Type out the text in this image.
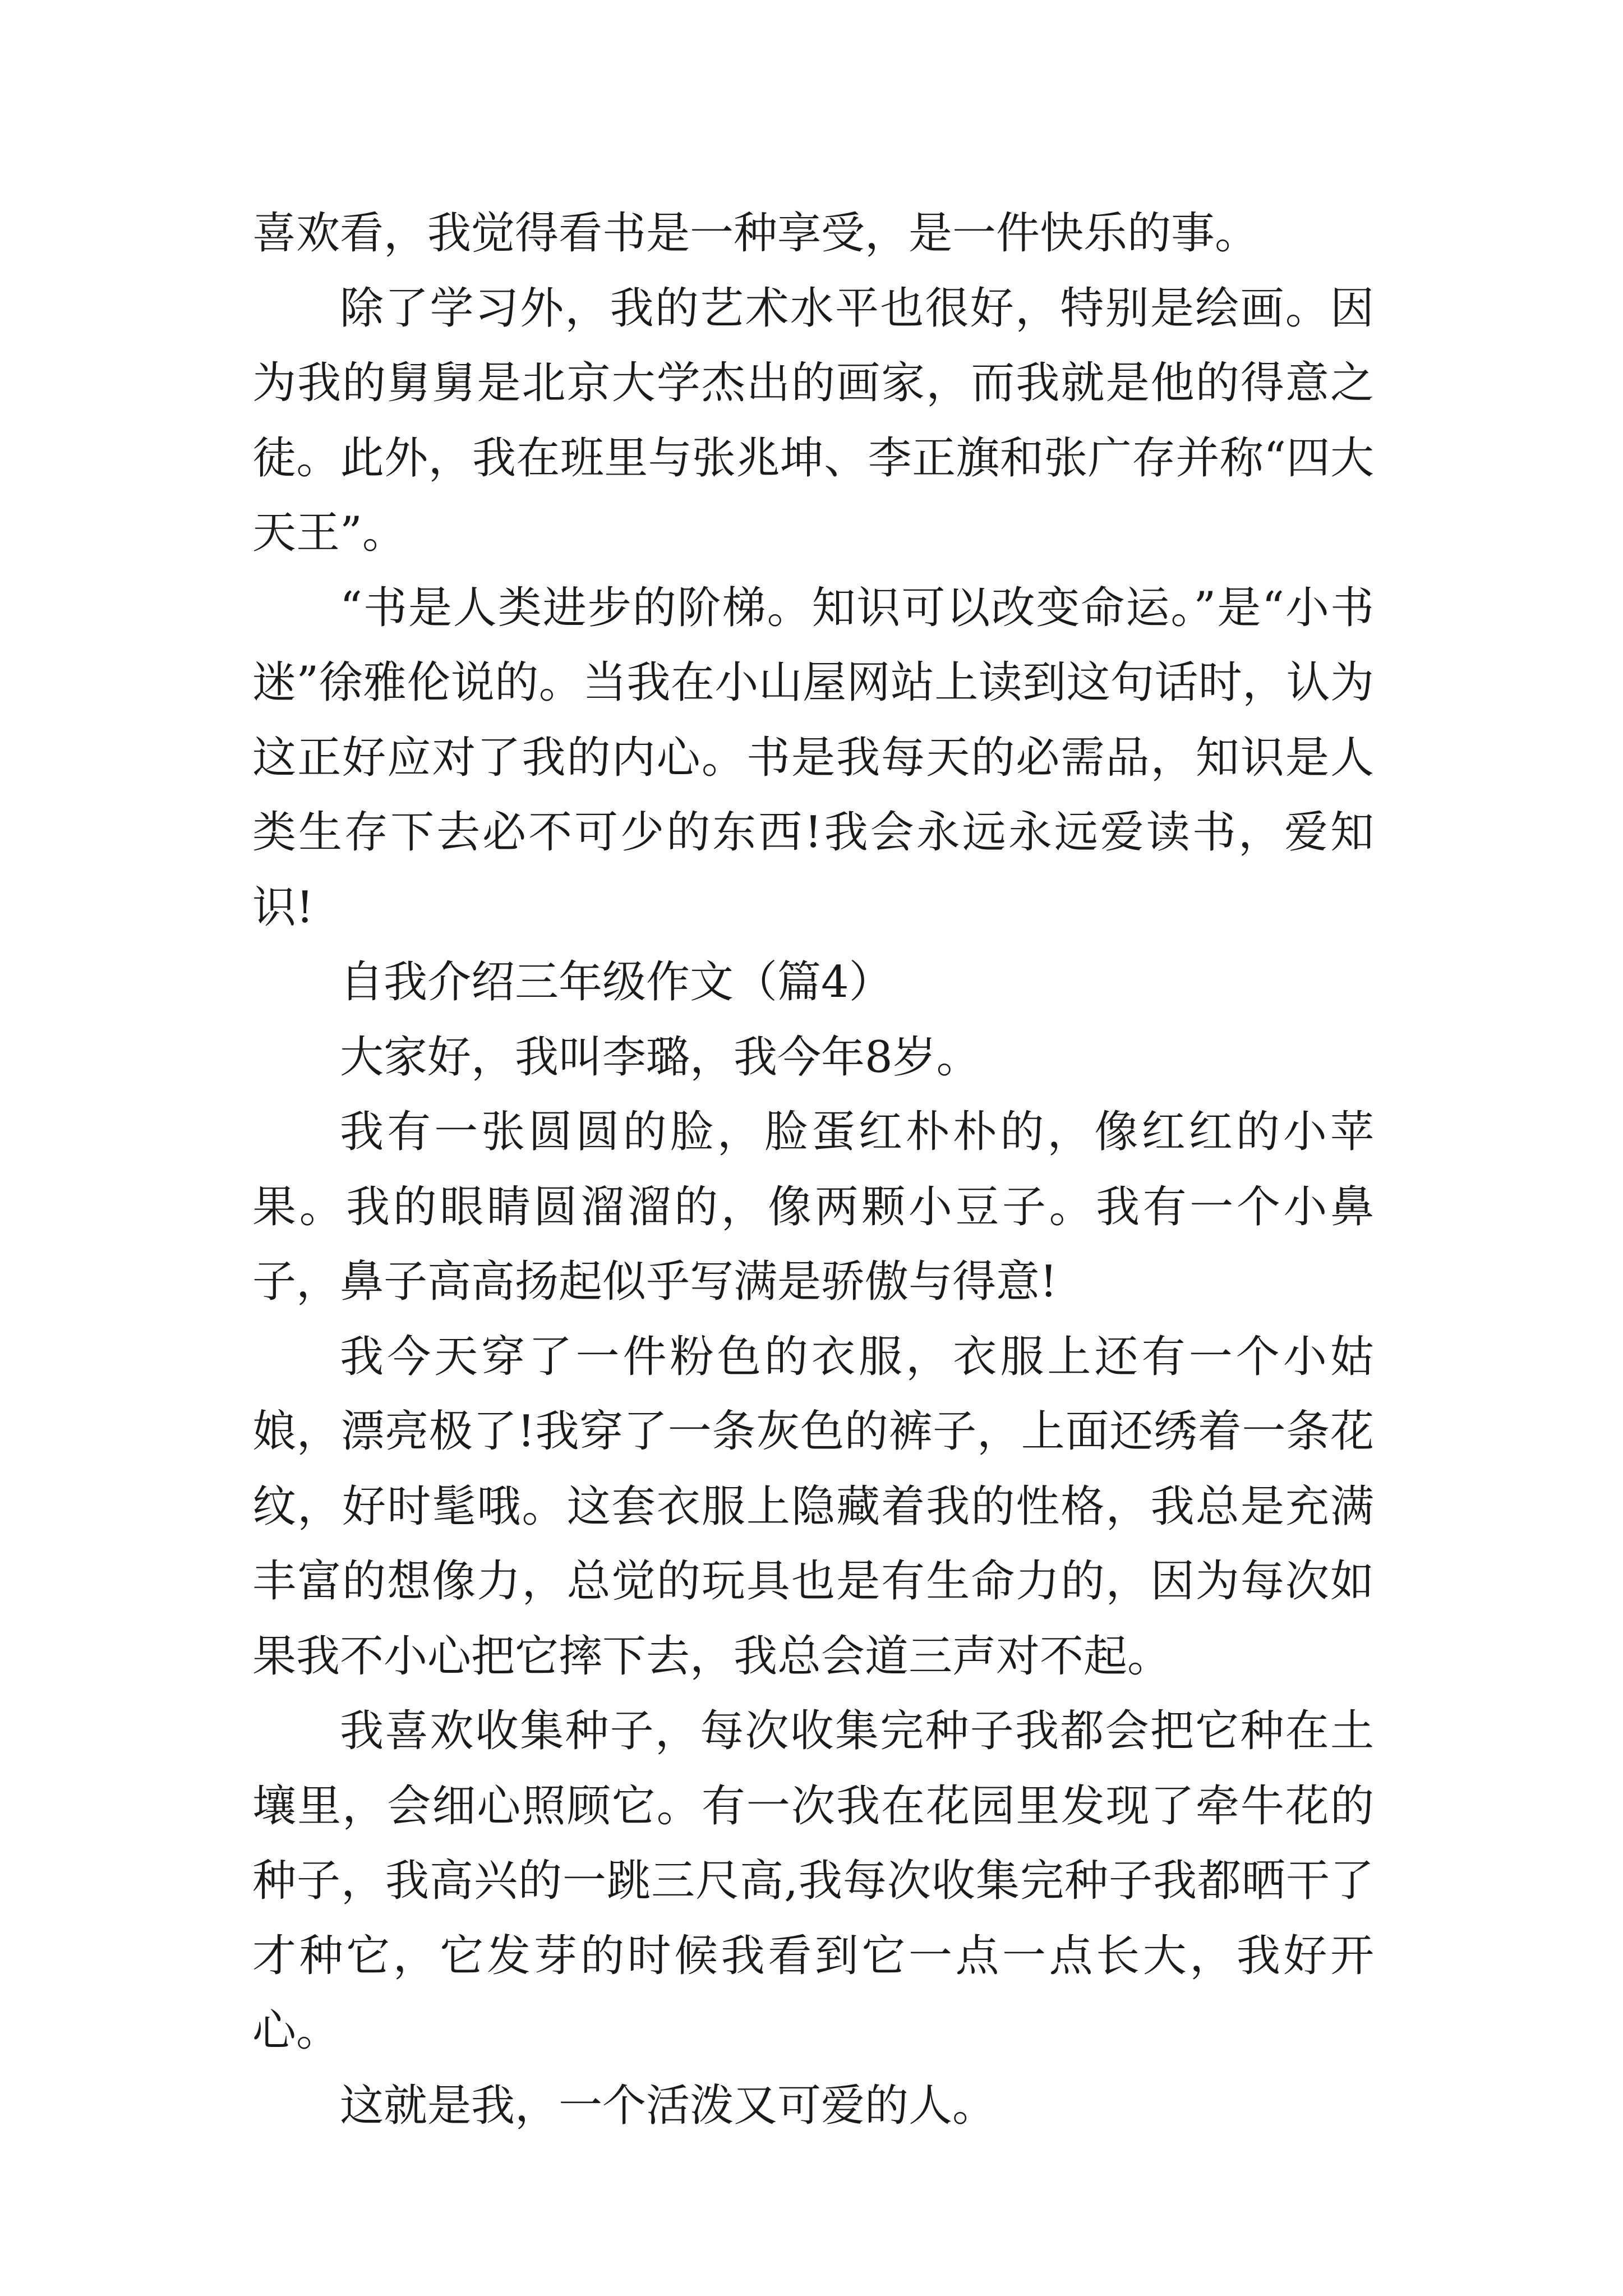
喜欢看，我觉得看书是一种享受，是一件快乐的事。

除了学习外，我的艺术水平也很好，特别是绘画。因为我的舅舅是北京大学杰出的画家，而我就是他的得意之徒。此外，我在班里与张兆坤、李正旗和张广存并称“四大天王”。

“书是人类进步的阶梯。知识可以改变命运。”是“小书迷”徐雅伦说的。当我在小山屋网站上读到这句话时，认为这正好应对了我的内心。书是我每天的必需品，知识是人类生存下去必不可少的东西!我会永远永远爱读书，爱知识!

自我介绍三年级作文（篇4）

大家好，我叫李璐，我今年8岁。

我有一张圆圆的脸，脸蛋红朴朴的，像红红的小苹果。我的眼睛圆溜溜的，像两颗小豆子。我有一个小鼻子，鼻子高高扬起似乎写满是骄傲与得意!

我今天穿了一件粉色的衣服，衣服上还有一个小姑娘，漂亮极了!我穿了一条灰色的裤子，上面还绣着一条花纹，好时髦哦。这套衣服上隐藏着我的性格，我总是充满丰富的想像力，总觉的玩具也是有生命力的，因为每次如果我不小心把它摔下去，我总会道三声对不起。

我喜欢收集种子，每次收集完种子我都会把它种在土壤里，会细心照顾它。有一次我在花园里发现了牵牛花的种子，我高兴的一跳三尺高,我每次收集完种子我都晒干了才种它，它发芽的时候我看到它一点一点长大，我好开心。

这就是我，一个活泼又可爱的人。
